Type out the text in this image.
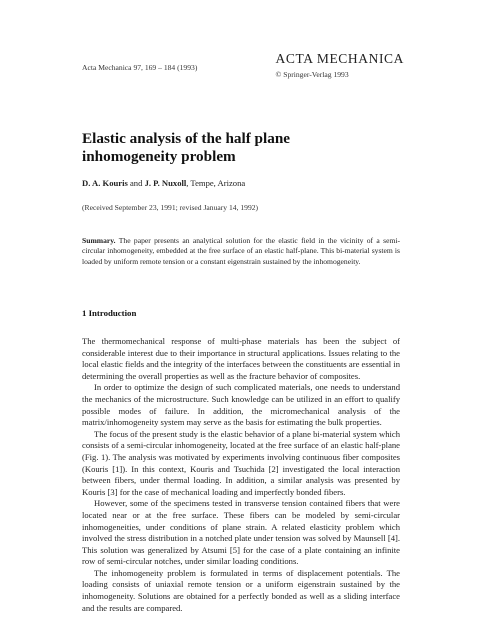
Acta Mechanica 97, 169 – 184 (1993)
ACTA MECHANICA
© Springer-Verlag 1993
Elastic analysis of the half plane inhomogeneity problem
D. A. Kouris and J. P. Nuxoll, Tempe, Arizona
(Received September 23, 1991; revised January 14, 1992)
Summary. The paper presents an analytical solution for the elastic field in the vicinity of a semi-circular inhomogeneity, embedded at the free surface of an elastic half-plane. This bi-material system is loaded by uniform remote tension or a constant eigenstrain sustained by the inhomogeneity.
1 Introduction

The thermomechanical response of multi-phase materials has been the subject of considerable interest due to their importance in structural applications. Issues relating to the local elastic fields and the integrity of the interfaces between the constituents are essential in determining the overall properties as well as the fracture behavior of composites.

In order to optimize the design of such complicated materials, one needs to understand the mechanics of the microstructure. Such knowledge can be utilized in an effort to qualify possible modes of failure. In addition, the micromechanical analysis of the matrix/inhomogeneity system may serve as the basis for estimating the bulk properties.

The focus of the present study is the elastic behavior of a plane bi-material system which consists of a semi-circular inhomogeneity, located at the free surface of an elastic half-plane (Fig. 1). The analysis was motivated by experiments involving continuous fiber composites (Kouris [1]). In this context, Kouris and Tsuchida [2] investigated the local interaction between fibers, under thermal loading. In addition, a similar analysis was presented by Kouris [3] for the case of mechanical loading and imperfectly bonded fibers.

However, some of the specimens tested in transverse tension contained fibers that were located near or at the free surface. These fibers can be modeled by semi-circular inhomogeneities, under conditions of plane strain. A related elasticity problem which involved the stress distribution in a notched plate under tension was solved by Maunsell [4]. This solution was generalized by Atsumi [5] for the case of a plate containing an infinite row of semi-circular notches, under similar loading conditions.

The inhomogeneity problem is formulated in terms of displacement potentials. The loading consists of uniaxial remote tension or a uniform eigenstrain sustained by the inhomogeneity. Solutions are obtained for a perfectly bonded as well as a sliding interface and the results are compared.
